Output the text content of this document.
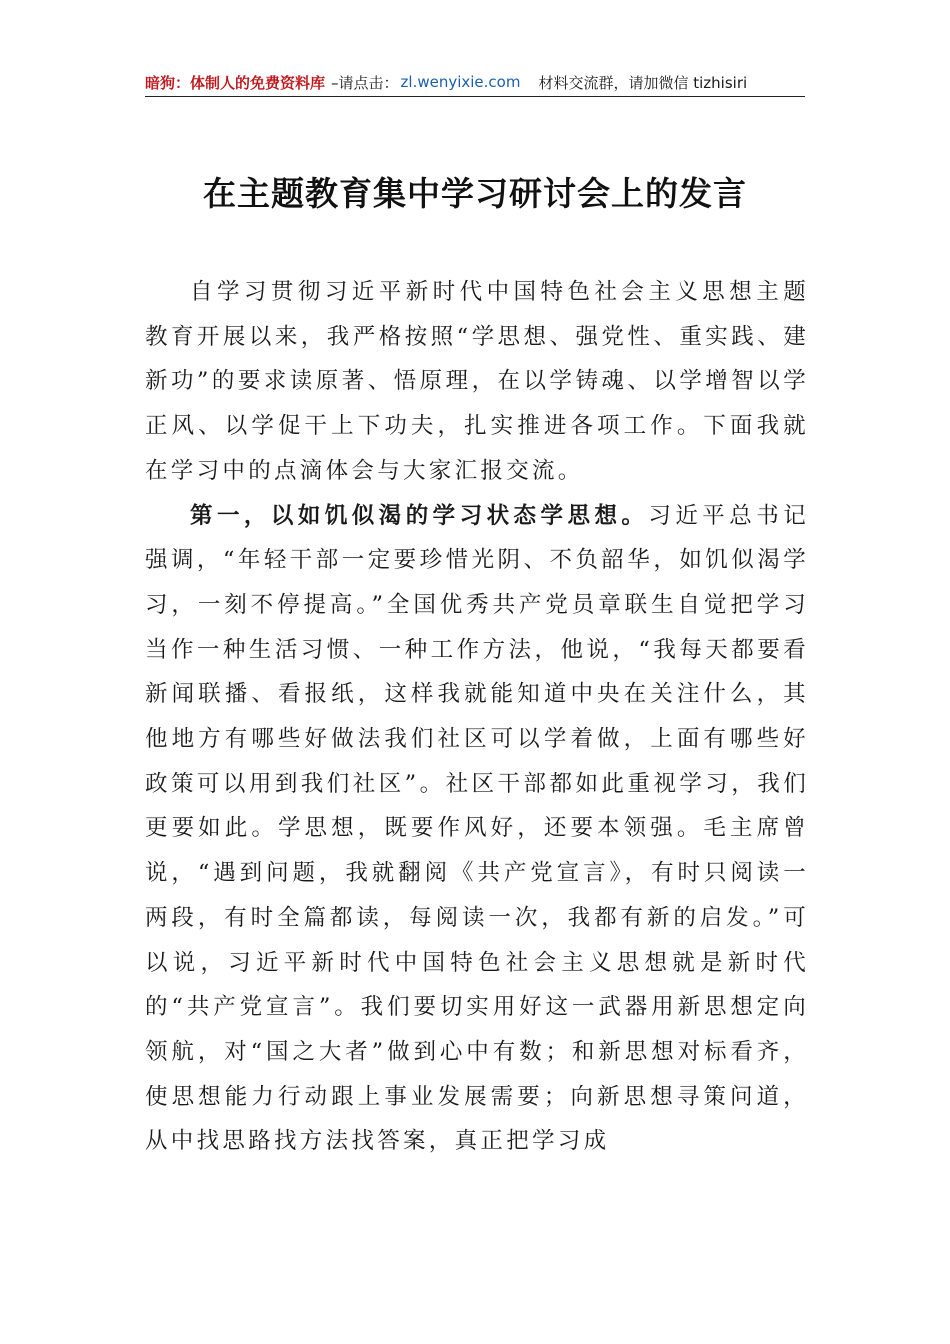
暗狗：体制人的免费资料库 –请点击： zl.wenyixie.com 材料交流群，请加微信 tizhisiri
在主题教育集中学习研讨会上的发言

自学习贯彻习近平新时代中国特色社会主义思想主题教育开展以来，我严格按照“学思想、强党性、重实践、建新功”的要求读原著、悟原理，在以学铸魂、以学增智以学正风、以学促干上下功夫，扎实推进各项工作。下面我就在学习中的点滴体会与大家汇报交流。

第一，以如饥似渴的学习状态学思想。习近平总书记强调，“年轻干部一定要珍惜光阴、不负韶华，如饥似渴学习，一刻不停提高。”全国优秀共产党员章联生自觉把学习当作一种生活习惯、一种工作方法，他说，“我每天都要看新闻联播、看报纸，这样我就能知道中央在关注什么，其他地方有哪些好做法我们社区可以学着做，上面有哪些好政策可以用到我们社区”。社区干部都如此重视学习，我们更要如此。学思想，既要作风好，还要本领强。毛主席曾说，“遇到问题，我就翻阅《共产党宣言》，有时只阅读一两段，有时全篇都读，每阅读一次，我都有新的启发。”可以说，习近平新时代中国特色社会主义思想就是新时代的“共产党宣言”。我们要切实用好这一武器用新思想定向领航，对“国之大者”做到心中有数；和新思想对标看齐，使思想能力行动跟上事业发展需要；向新思想寻策问道，从中找思路找方法找答案，真正把学习成
